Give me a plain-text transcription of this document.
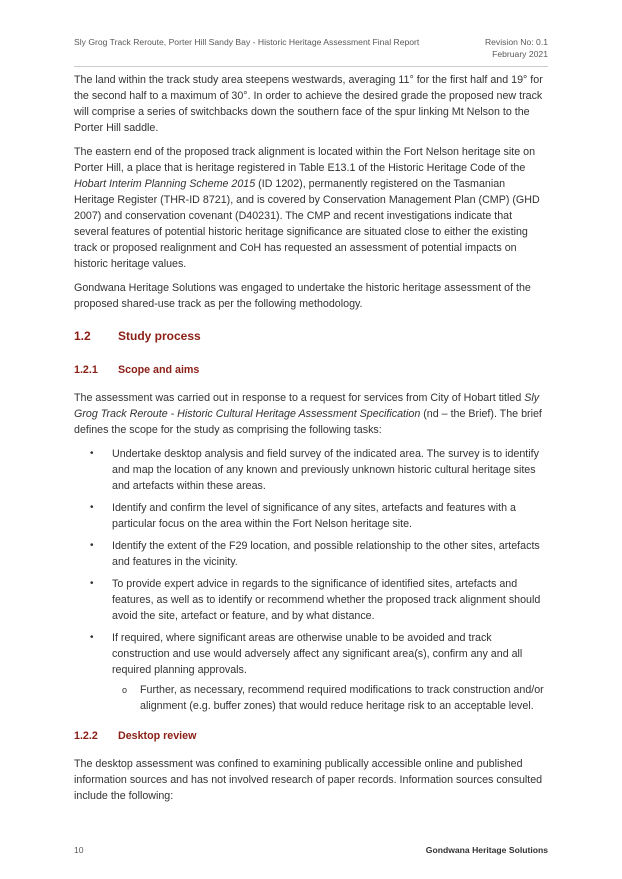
Sly Grog Track Reroute, Porter Hill Sandy Bay - Historic Heritage Assessment Final Report	Revision No: 0.1
February 2021

The land within the track study area steepens westwards, averaging 11° for the first half and 19° for the second half to a maximum of 30°. In order to achieve the desired grade the proposed new track will comprise a series of switchbacks down the southern face of the spur linking Mt Nelson to the Porter Hill saddle.

The eastern end of the proposed track alignment is located within the Fort Nelson heritage site on Porter Hill, a place that is heritage registered in Table E13.1 of the Historic Heritage Code of the Hobart Interim Planning Scheme 2015 (ID 1202), permanently registered on the Tasmanian Heritage Register (THR-ID 8721), and is covered by Conservation Management Plan (CMP) (GHD 2007) and conservation covenant (D40231). The CMP and recent investigations indicate that several features of potential historic heritage significance are situated close to either the existing track or proposed realignment and CoH has requested an assessment of potential impacts on historic heritage values.

Gondwana Heritage Solutions was engaged to undertake the historic heritage assessment of the proposed shared-use track as per the following methodology.

1.2 Study process
1.2.1 Scope and aims

The assessment was carried out in response to a request for services from City of Hobart titled Sly Grog Track Reroute - Historic Cultural Heritage Assessment Specification (nd – the Brief). The brief defines the scope for the study as comprising the following tasks:

• Undertake desktop analysis and field survey of the indicated area. The survey is to identify and map the location of any known and previously unknown historic cultural heritage sites and artefacts within these areas.
• Identify and confirm the level of significance of any sites, artefacts and features with a particular focus on the area within the Fort Nelson heritage site.
• Identify the extent of the F29 location, and possible relationship to the other sites, artefacts and features in the vicinity.
• To provide expert advice in regards to the significance of identified sites, artefacts and features, as well as to identify or recommend whether the proposed track alignment should avoid the site, artefact or feature, and by what distance.
• If required, where significant areas are otherwise unable to be avoided and track construction and use would adversely affect any significant area(s), confirm any and all required planning approvals.
o Further, as necessary, recommend required modifications to track construction and/or alignment (e.g. buffer zones) that would reduce heritage risk to an acceptable level.
1.2.2 Desktop review

The desktop assessment was confined to examining publically accessible online and published information sources and has not involved research of paper records. Information sources consulted include the following:

10	Gondwana Heritage Solutions
